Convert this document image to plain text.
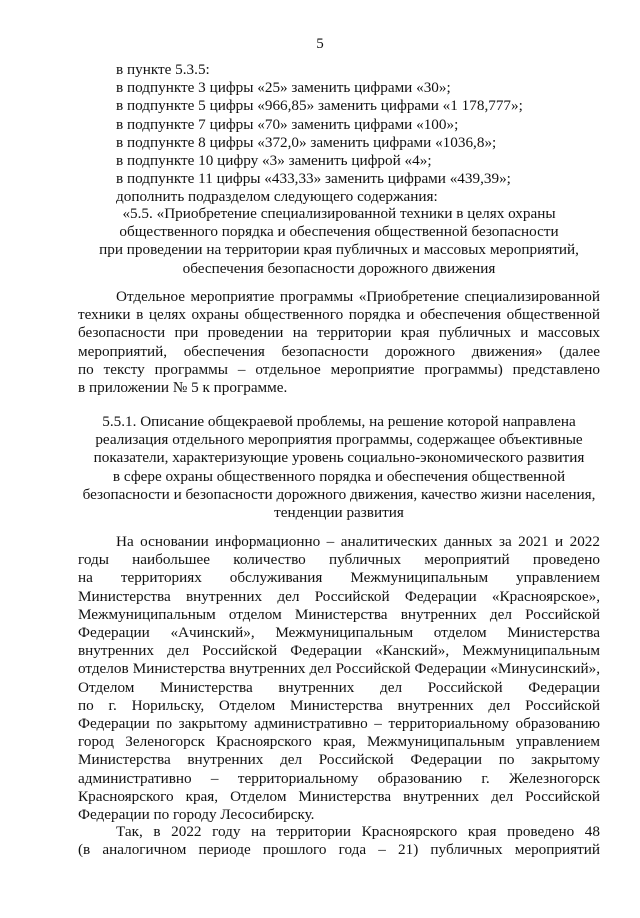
5
в пункте 5.3.5:
в подпункте 3 цифры «25» заменить цифрами «30»;
в подпункте 5 цифры «966,85» заменить цифрами «1 178,777»;
в подпункте 7 цифры «70» заменить цифрами «100»;
в подпункте 8 цифры «372,0» заменить цифрами «1036,8»;
в подпункте 10 цифру «3» заменить цифрой «4»;
в подпункте 11 цифры «433,33» заменить цифрами «439,39»;
дополнить подразделом следующего содержания:
«5.5. «Приобретение специализированной техники в целях охраны
общественного порядка и обеспечения общественной безопасности
при проведении на территории края публичных и массовых мероприятий,
обеспечения безопасности дорожного движения
Отдельное мероприятие программы «Приобретение специализированной
техники в целях охраны общественного порядка и обеспечения общественной
безопасности при проведении на территории края публичных и массовых
мероприятий, обеспечения безопасности дорожного движения» (далее
по тексту программы – отдельное мероприятие программы) представлено
в приложении № 5 к программе.
5.5.1. Описание общекраевой проблемы, на решение которой направлена
реализация отдельного мероприятия программы, содержащее объективные
показатели, характеризующие уровень социально-экономического развития
в сфере охраны общественного порядка и обеспечения общественной
безопасности и безопасности дорожного движения, качество жизни населения,
тенденции развития
На основании информационно – аналитических данных за 2021 и 2022
годы наибольшее количество публичных мероприятий проведено
на территориях обслуживания Межмуниципальным управлением
Министерства внутренних дел Российской Федерации «Красноярское»,
Межмуниципальным отделом Министерства внутренних дел Российской
Федерации «Ачинский», Межмуниципальным отделом Министерства
внутренних дел Российской Федерации «Канский», Межмуниципальным
отделов Министерства внутренних дел Российской Федерации «Минусинский»,
Отделом Министерства внутренних дел Российской Федерации
по г. Норильску, Отделом Министерства внутренних дел Российской
Федерации по закрытому административно – территориальному образованию
город Зеленогорск Красноярского края, Межмуниципальным управлением
Министерства внутренних дел Российской Федерации по закрытому
административно – территориальному образованию г. Железногорск
Красноярского края, Отделом Министерства внутренних дел Российской
Федерации по городу Лесосибирску.
Так, в 2022 году на территории Красноярского края проведено 48
(в аналогичном периоде прошлого года – 21) публичных мероприятий
